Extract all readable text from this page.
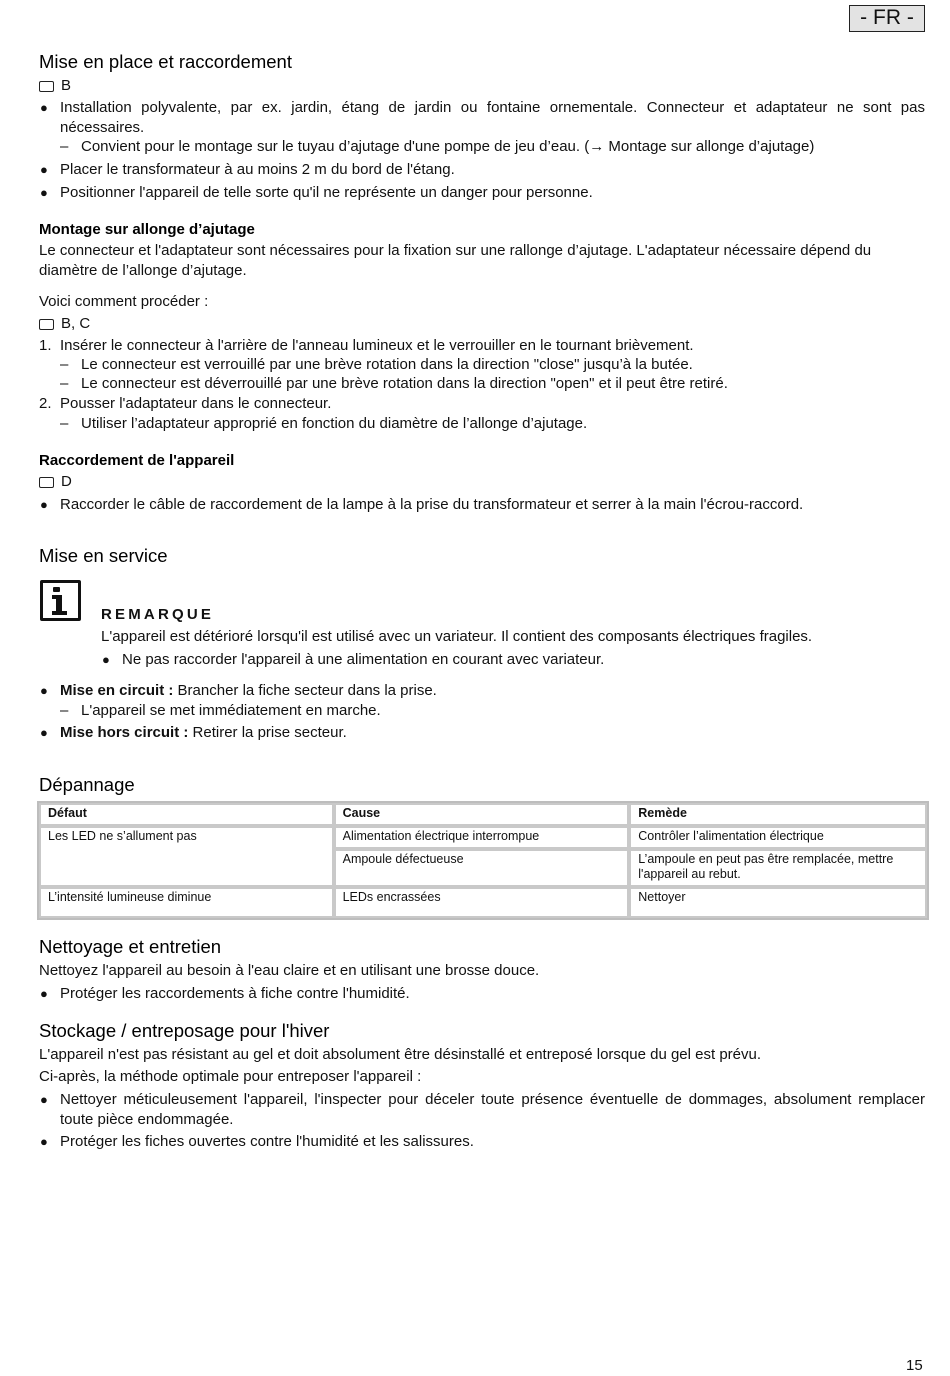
- FR -
Mise en place et raccordement
B
● Installation polyvalente, par ex. jardin, étang de jardin ou fontaine ornementale. Connecteur et adaptateur ne sont pas nécessaires.
– Convient pour le montage sur le tuyau d’ajutage d'une pompe de jeu d’eau. (→ Montage sur allonge d’ajutage)
● Placer le transformateur à au moins 2 m du bord de l'étang.
● Positionner l'appareil de telle sorte qu'il ne représente un danger pour personne.
Montage sur allonge d’ajutage

Le connecteur et l'adaptateur sont nécessaires pour la fixation sur une rallonge d’ajutage. L'adaptateur nécessaire dépend du diamètre de l’allonge d’ajutage.

Voici comment procéder :

B, C
1. Insérer le connecteur à l'arrière de l'anneau lumineux et le verrouiller en le tournant brièvement.
– Le connecteur est verrouillé par une brève rotation dans la direction "close" jusqu’à la butée.
– Le connecteur est déverrouillé par une brève rotation dans la direction "open" et il peut être retiré.
2. Pousser l'adaptateur dans le connecteur.
– Utiliser l’adaptateur approprié en fonction du diamètre de l’allonge d’ajutage.
Raccordement de l'appareil
D
● Raccorder le câble de raccordement de la lampe à la prise du transformateur et serrer à la main l'écrou-raccord.
Mise en service
REMARQUE

L'appareil est détérioré lorsqu'il est utilisé avec un variateur. Il contient des composants électriques fragiles.

● Ne pas raccorder l'appareil à une alimentation en courant avec variateur.
● Mise en circuit : Brancher la fiche secteur dans la prise.
– L'appareil se met immédiatement en marche.
● Mise hors circuit : Retirer la prise secteur.
Dépannage
Défaut	Cause	Remède
Les LED ne s’allument pas	Alimentation électrique interrompue	Contrôler l’alimentation électrique
	Ampoule défectueuse	L’ampoule en peut pas être remplacée, mettre l'appareil au rebut.
L’intensité lumineuse diminue	LEDs encrassées	Nettoyer
Nettoyage et entretien

Nettoyez l'appareil au besoin à l'eau claire et en utilisant une brosse douce.

● Protéger les raccordements à fiche contre l'humidité.
Stockage / entreposage pour l'hiver

L'appareil n'est pas résistant au gel et doit absolument être désinstallé et entreposé lorsque du gel est prévu.

Ci-après, la méthode optimale pour entreposer l'appareil :

● Nettoyer méticuleusement l'appareil, l'inspecter pour déceler toute présence éventuelle de dommages, absolument remplacer toute pièce endommagée.
● Protéger les fiches ouvertes contre l'humidité et les salissures.
15
